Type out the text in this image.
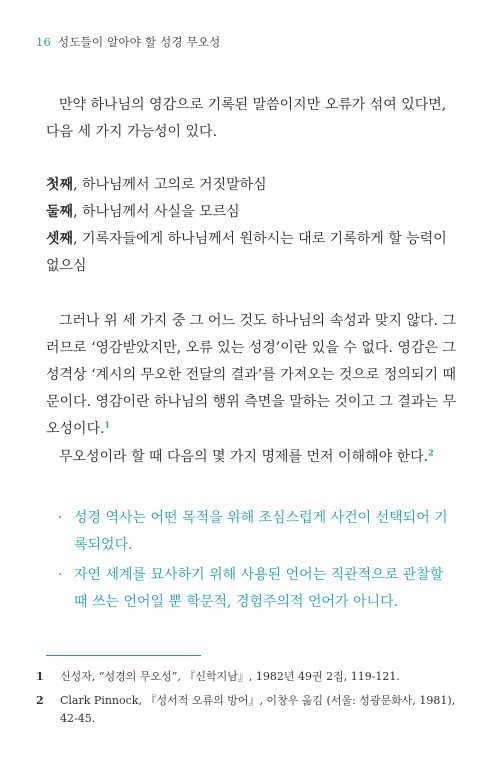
16 성도들이 알아야 할 성경 무오성

만약 하나님의 영감으로 기록된 말씀이지만 오류가 섞여 있다면, 다음 세 가지 가능성이 있다.

첫째, 하나님께서 고의로 거짓말하심
둘째, 하나님께서 사실을 모르심
셋째, 기록자들에게 하나님께서 원하시는 대로 기록하게 할 능력이 없으심

그러나 위 세 가지 중 그 어느 것도 하나님의 속성과 맞지 않다. 그러므로 ‘영감받았지만, 오류 있는 성경’이란 있을 수 없다. 영감은 그 성격상 ‘계시의 무오한 전달의 결과’를 가져오는 것으로 정의되기 때문이다. 영감이란 하나님의 행위 측면을 말하는 것이고 그 결과는 무오성이다.$^1$

무오성이라 할 때 다음의 몇 가지 명제를 먼저 이해해야 한다.$^2$

· 성경 역사는 어떤 목적을 위해 조심스럽게 사건이 선택되어 기록되었다.
· 자연 세계를 묘사하기 위해 사용된 언어는 직관적으로 관찰할 때 쓰는 언어일 뿐 학문적, 경험주의적 언어가 아니다.
1 신성자, “성경의 무오성”, 『신학지남』, 1982년 49권 2집, 119-121.
2 Clark Pinnock, 『성서적 오류의 방어』, 이창우 옮김 (서울: 성광문화사, 1981), 42-45.
